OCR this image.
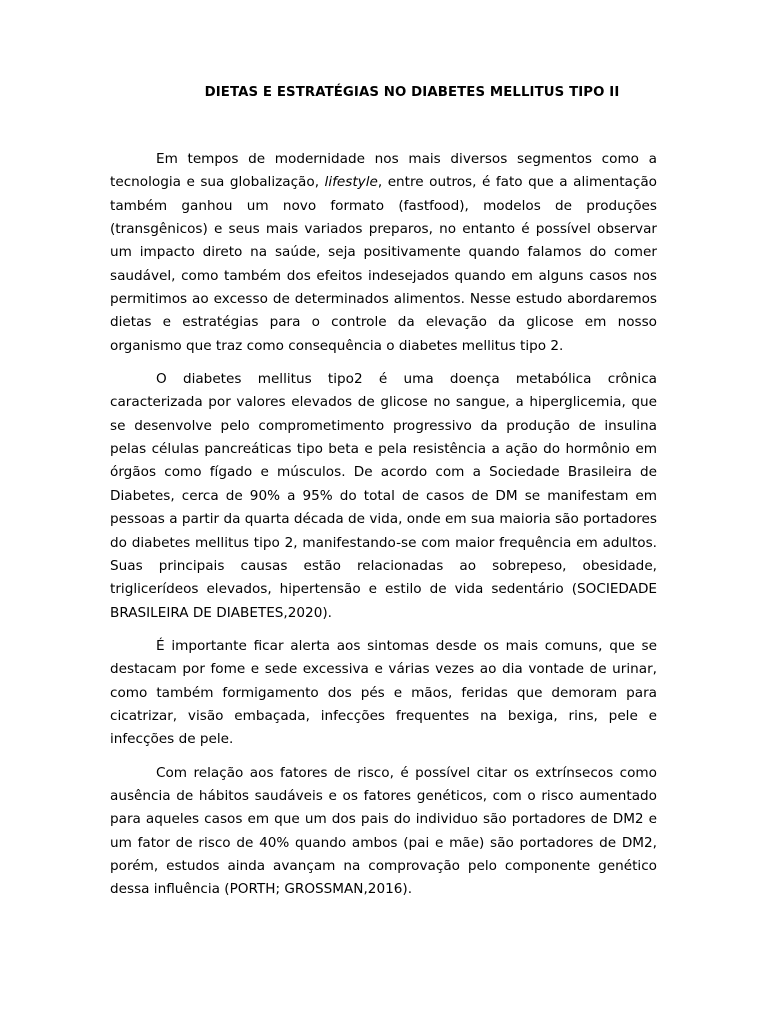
DIETAS E ESTRATÉGIAS NO DIABETES MELLITUS TIPO II

Em tempos de modernidade nos mais diversos segmentos como a tecnologia e sua globalização, lifestyle, entre outros, é fato que a alimentação também ganhou um novo formato (fastfood), modelos de produções (transgênicos) e seus mais variados preparos, no entanto é possível observar um impacto direto na saúde, seja positivamente quando falamos do comer saudável, como também dos efeitos indesejados quando em alguns casos nos permitimos ao excesso de determinados alimentos. Nesse estudo abordaremos dietas e estratégias para o controle da elevação da glicose em nosso organismo que traz como consequência o diabetes mellitus tipo 2.

O diabetes mellitus tipo2 é uma doença metabólica crônica caracterizada por valores elevados de glicose no sangue, a hiperglicemia, que se desenvolve pelo comprometimento progressivo da produção de insulina pelas células pancreáticas tipo beta e pela resistência a ação do hormônio em órgãos como fígado e músculos. De acordo com a Sociedade Brasileira de Diabetes, cerca de 90% a 95% do total de casos de DM se manifestam em pessoas a partir da quarta década de vida, onde em sua maioria são portadores do diabetes mellitus tipo 2, manifestando-se com maior frequência em adultos. Suas principais causas estão relacionadas ao sobrepeso, obesidade, triglicerídeos elevados, hipertensão e estilo de vida sedentário (SOCIEDADE BRASILEIRA DE DIABETES,2020).

É importante ficar alerta aos sintomas desde os mais comuns, que se destacam por fome e sede excessiva e várias vezes ao dia vontade de urinar, como também formigamento dos pés e mãos, feridas que demoram para cicatrizar, visão embaçada, infecções frequentes na bexiga, rins, pele e infecções de pele.

Com relação aos fatores de risco, é possível citar os extrínsecos como ausência de hábitos saudáveis e os fatores genéticos, com o risco aumentado para aqueles casos em que um dos pais do individuo são portadores de DM2 e um fator de risco de 40% quando ambos (pai e mãe) são portadores de DM2, porém, estudos ainda avançam na comprovação pelo componente genético dessa influência (PORTH; GROSSMAN,2016).
